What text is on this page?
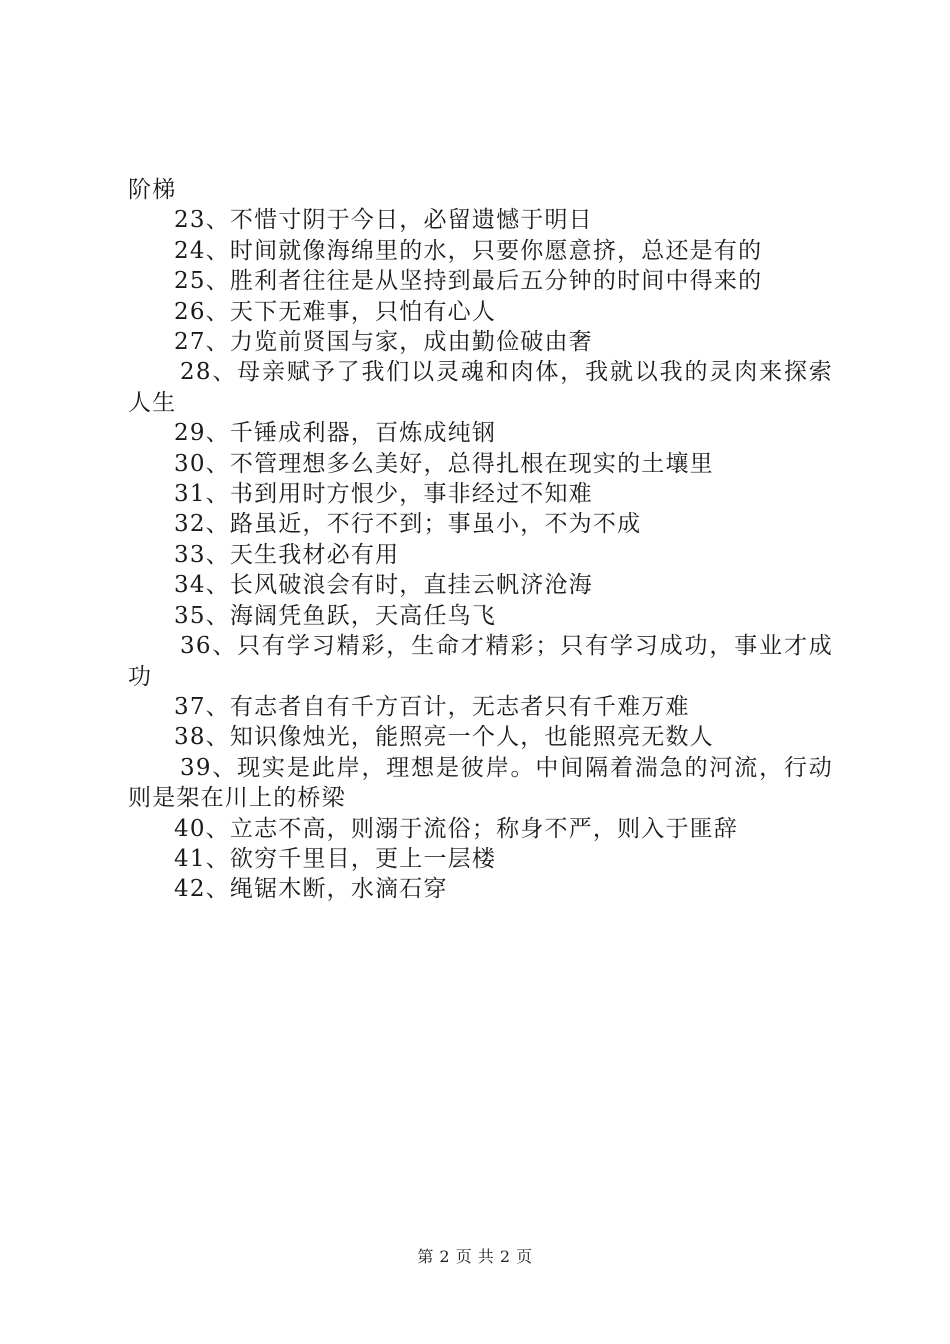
阶梯

23、不惜寸阴于今日，必留遗憾于明日

24、时间就像海绵里的水，只要你愿意挤，总还是有的

25、胜利者往往是从坚持到最后五分钟的时间中得来的

26、天下无难事，只怕有心人

27、力览前贤国与家，成由勤俭破由奢

28、母亲赋予了我们以灵魂和肉体，我就以我的灵肉来探索人生

29、千锤成利器，百炼成纯钢

30、不管理想多么美好，总得扎根在现实的土壤里

31、书到用时方恨少，事非经过不知难

32、路虽近，不行不到；事虽小，不为不成

33、天生我材必有用

34、长风破浪会有时，直挂云帆济沧海

35、海阔凭鱼跃，天高任鸟飞

36、只有学习精彩，生命才精彩；只有学习成功，事业才成功

37、有志者自有千方百计，无志者只有千难万难

38、知识像烛光，能照亮一个人，也能照亮无数人

39、现实是此岸，理想是彼岸。中间隔着湍急的河流，行动则是架在川上的桥梁

40、立志不高，则溺于流俗；称身不严，则入于匪辞

41、欲穷千里目，更上一层楼

42、绳锯木断，水滴石穿

第 2 页 共 2 页
